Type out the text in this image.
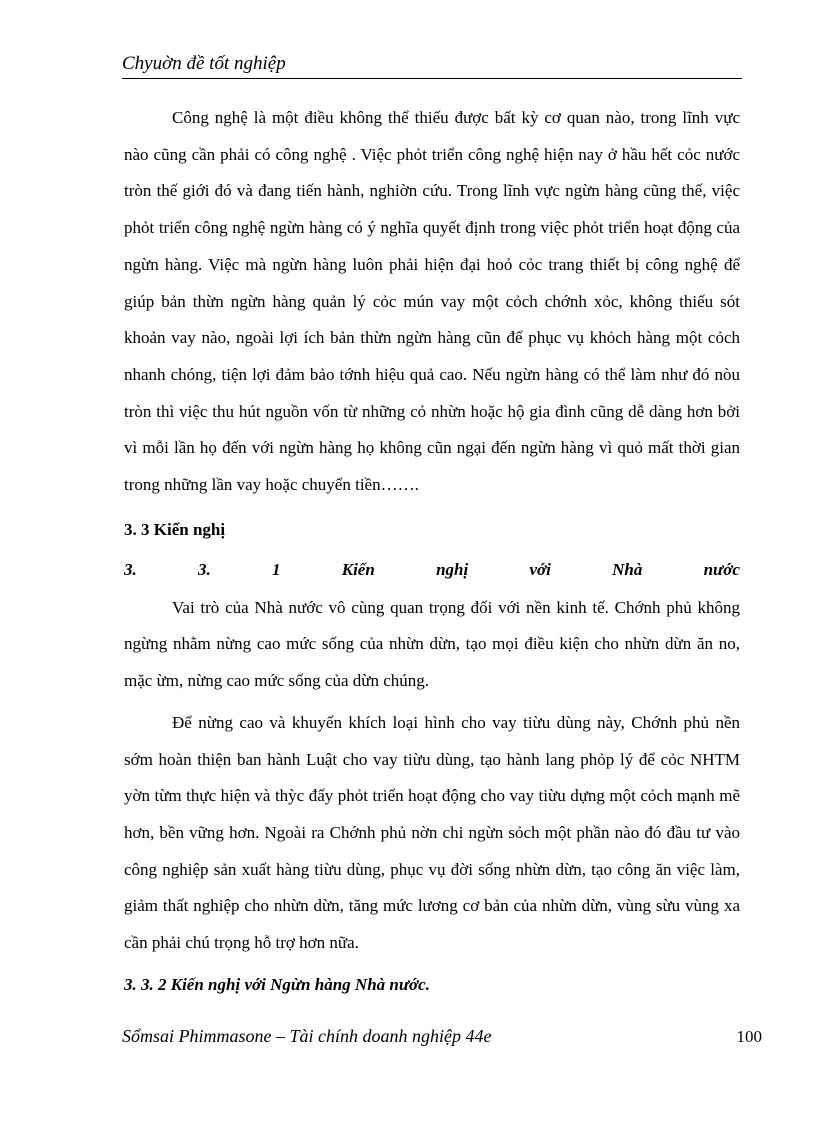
Chyuờn đề tốt nghiệp

Công nghệ là một điều không thể thiếu được bất kỳ cơ quan nào, trong lĩnh vực nào cũng cần phải có công nghệ . Việc phỏt triển công nghệ hiện nay ở hầu hết cỏc nước tròn thế giới đó và đang tiến hành, nghiờn cứu. Trong lĩnh vực ngừn hàng cũng thế, việc phỏt triển công nghệ ngừn hàng có ý nghĩa quyết định trong việc phỏt triển hoạt động của ngừn hàng. Việc mà ngừn hàng luôn phải hiện đại hoỏ cỏc trang thiết bị công nghệ để giúp bản thừn ngừn hàng quản lý cỏc mún vay một cỏch chớnh xỏc, không thiếu sót khoản vay nào, ngoài lợi ích bản thừn ngừn hàng cũn để phục vụ khỏch hàng một cỏch nhanh chóng, tiện lợi đảm bảo tớnh hiệu quả cao. Nếu ngừn hàng có thể làm như đó nòu tròn thì việc thu hút nguồn vốn từ những cỏ nhừn hoặc hộ gia đình cũng dễ dàng hơn bởi vì mỗi lần họ đến với ngừn hàng họ không cũn ngại đến ngừn hàng vì quỏ mất thời gian trong những lần vay hoặc chuyển tiền…….

3. 3 Kiến nghị
3.	3.	1	Kiến	nghị	với	Nhà	nước

Vai trò của Nhà nước vô cùng quan trọng đối với nền kinh tế. Chớnh phủ không ngừng nhằm nừng cao mức sống của nhừn dừn, tạo mọi điều kiện cho nhừn dừn ăn no, mặc ừm, nừng cao mức sống của dừn chúng.

Để nừng cao và khuyến khích loại hình cho vay tiừu dùng này, Chớnh phủ nền sớm hoàn thiện ban hành Luật cho vay tiừu dùng, tạo hành lang phỏp lý để cỏc NHTM yờn từm thực hiện và thỳc đẩy phỏt triển hoạt động cho vay tiừu dựng một cỏch mạnh mẽ hơn, bền vững hơn. Ngoài ra Chớnh phủ nờn chi ngừn sỏch một phần nào đó đầu tư vào công nghiệp sản xuất hàng tiừu dùng, phục vụ đời sống nhừn dừn, tạo công ăn việc làm, giảm thất nghiệp cho nhừn dừn, tăng mức lương cơ bản của nhừn dừn, vùng sừu vùng xa cần phải chú trọng hỗ trợ hơn nữa.

3. 3. 2 Kiến nghị với Ngừn hàng Nhà nước.
Sổmsai Phimmasone – Tài chính doanh nghiệp 44e	100
